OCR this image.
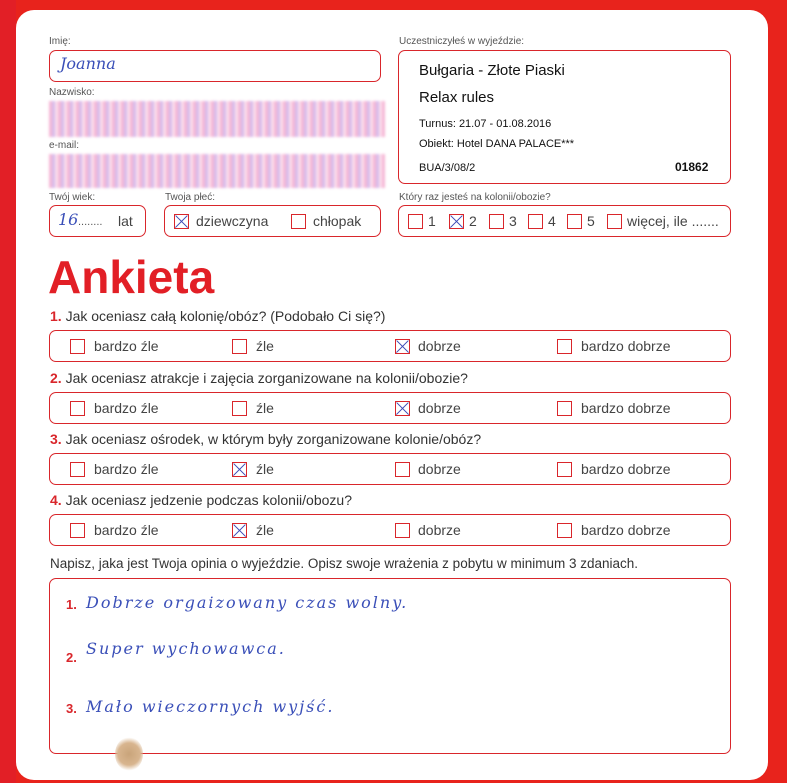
Imię:
Joanna
Nazwisko:
e-mail:
Twój wiek:
16 ........ lat
Twoja płeć:
dziewczyna	chłopak
Uczestniczyłeś w wyjeździe:
Bułgaria - Złote Piaski
Relax rules
Turnus: 21.07 - 01.08.2016
Obiekt: Hotel DANA PALACE***
BUA/3/08/2	01862
Który raz jesteś na kolonii/obozie?
1 2 3 4 5 więcej, ile .......
Ankieta
1. Jak oceniasz całą kolonię/obóz? (Podobało Ci się?)
bardzo źle	źle	dobrze	bardzo dobrze
2. Jak oceniasz atrakcje i zajęcia zorganizowane na kolonii/obozie?
bardzo źle	źle	dobrze	bardzo dobrze
3. Jak oceniasz ośrodek, w którym były zorganizowane kolonie/obóz?
bardzo źle	źle	dobrze	bardzo dobrze
4. Jak oceniasz jedzenie podczas kolonii/obozu?
bardzo źle	źle	dobrze	bardzo dobrze
Napisz, jaka jest Twoja opinia o wyjeździe. Opisz swoje wrażenia z pobytu w minimum 3 zdaniach.
1. Dobrze orgaizowany czas wolny.
2. Super wychowawca.
3. Mało wieczornych wyjść.
